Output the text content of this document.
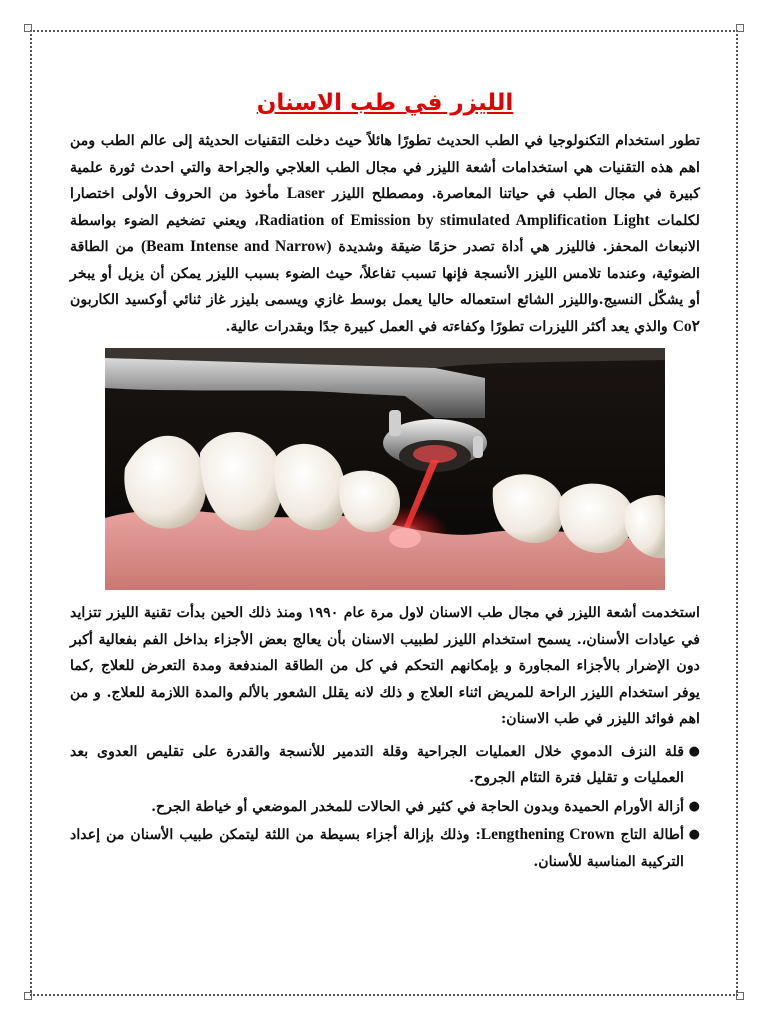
الليزر في طب الاسنان

تطور استخدام التكنولوجيا في الطب الحديث تطورًا هائلاً حيث دخلت التقنيات الحديثة إلى عالم الطب ومن اهم هذه التقنيات هي استخدامات أشعة الليزر في مجال الطب العلاجي والجراحة والتي احدث ثورة علمية كبيرة في مجال الطب في حياتنا المعاصرة. ومصطلح الليزر Laser مأخوذ من الحروف الأولى اختصارا لكلمات Radiation of Emission by stimulated Amplification Light، ويعني تضخيم الضوء بواسطة الانبعاث المحفز. فالليزر هي أداة تصدر حزمًا ضيقة وشديدة (Beam Intense and Narrow) من الطاقة الضوئية، وعندما تلامس الليزر الأنسجة فإنها تسبب تفاعلاً، حيث الضوء بسبب الليزر يمكن أن يزيل أو يبخر أو يشكّل النسيج.والليزر الشائع استعماله حاليا يعمل بوسط غازي ويسمى بليزر غاز ثنائي أوكسيد الكاربون Co۲ والذي يعد أكثر الليزرات تطورًا وكفاءته في العمل كبيرة جدًا وبقدرات عالية.

استخدمت أشعة الليزر في مجال طب الاسنان لاول مرة عام ١٩٩٠ ومنذ ذلك الحين بدأت تقنية الليزر تتزايد في عيادات الأسنان،. يسمح استخدام الليزر لطبيب الاسنان بأن يعالج بعض الأجزاء بداخل الفم بفعالية أكبر دون الإضرار بالأجزاء المجاورة و بإمكانهم التحكم في كل من الطاقة المندفعة ومدة التعرض للعلاج ,كما يوفر استخدام الليزر الراحة للمريض اثناء العلاج و ذلك لانه يقلل الشعور بالألم والمدة اللازمة للعلاج. و من اهم فوائد الليزر في طب الاسنان:

●
قلة النزف الدموي خلال العمليات الجراحية وقلة التدمير للأنسجة والقدرة على تقليص العدوى بعد العمليات و تقليل فترة التئام الجروح.
●
أزالة الأورام الحميدة وبدون الحاجة في كثير في الحالات للمخدر الموضعي أو خياطة الجرح.
●
أطالة التاج Lengthening Crown: وذلك بإزالة أجزاء بسيطة من اللثة ليتمكن طبيب الأسنان من إعداد التركيبة المناسبة للأسنان.
